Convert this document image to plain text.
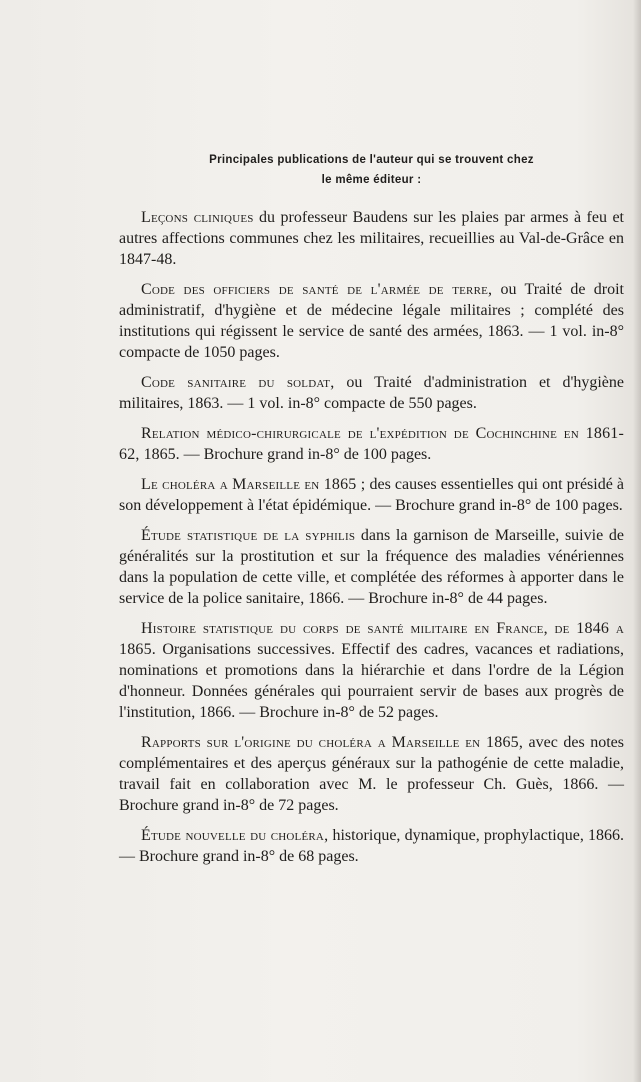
Principales publications de l'auteur qui se trouvent chez
le même éditeur :

Leçons cliniques du professeur Baudens sur les plaies par armes à feu et autres affections communes chez les militaires, recueillies au Val-de-Grâce en 1847-48.

Code des officiers de santé de l'armée de terre, ou Traité de droit administratif, d'hygiène et de médecine légale militaires ; complété des institutions qui régissent le service de santé des armées, 1863. — 1 vol. in-8° compacte de 1050 pages.

Code sanitaire du soldat, ou Traité d'administration et d'hygiène militaires, 1863. — 1 vol. in-8° compacte de 550 pages.

Relation médico-chirurgicale de l'expédition de Cochinchine en 1861-62, 1865. — Brochure grand in-8° de 100 pages.

Le choléra a Marseille en 1865 ; des causes essentielles qui ont présidé à son développement à l'état épidémique. — Brochure grand in-8° de 100 pages.

Étude statistique de la syphilis dans la garnison de Marseille, suivie de généralités sur la prostitution et sur la fréquence des maladies vénériennes dans la population de cette ville, et complétée des réformes à apporter dans le service de la police sanitaire, 1866. — Brochure in-8° de 44 pages.

Histoire statistique du corps de santé militaire en France, de 1846 a 1865. Organisations successives. Effectif des cadres, vacances et radiations, nominations et promotions dans la hiérarchie et dans l'ordre de la Légion d'honneur. Données générales qui pourraient servir de bases aux progrès de l'institution, 1866. — Brochure in-8° de 52 pages.

Rapports sur l'origine du choléra a Marseille en 1865, avec des notes complémentaires et des aperçus généraux sur la pathogénie de cette maladie, travail fait en collaboration avec M. le professeur Ch. Guès, 1866. — Brochure grand in-8° de 72 pages.

Étude nouvelle du choléra, historique, dynamique, prophylactique, 1866. — Brochure grand in-8° de 68 pages.
